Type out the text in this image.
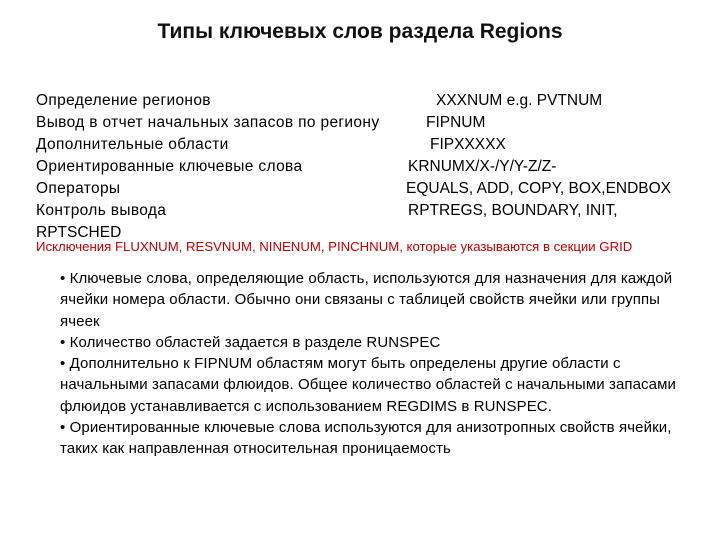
Типы ключевых слов раздела Regions
Определение регионов	XXXNUM e.g. PVTNUM
Вывод в отчет начальных запасов по региону	FIPNUM
Дополнительные области	FIPXXXXX
Ориентированные ключевые слова	KRNUMX/X-/Y/Y-Z/Z-
Операторы	EQUALS, ADD, COPY, BOX,ENDBOX
Контроль вывода	RPTREGS, BOUNDARY, INIT,
RPTSCHED
Исключения FLUXNUM, RESVNUM, NINENUM, PINCHNUM, которые указываются в секции GRID

• Ключевые слова, определяющие область, используются для назначения для каждой ячейки номера области. Обычно они связаны с таблицей свойств ячейки или группы ячеек

• Количество областей задается в разделе RUNSPEC

• Дополнительно к FIPNUM областям могут быть определены другие области с начальными запасами флюидов. Общее количество областей с начальными запасами флюидов устанавливается с использованием REGDIMS в RUNSPEC.

• Ориентированные ключевые слова используются для анизотропных свойств ячейки, таких как направленная относительная проницаемость
